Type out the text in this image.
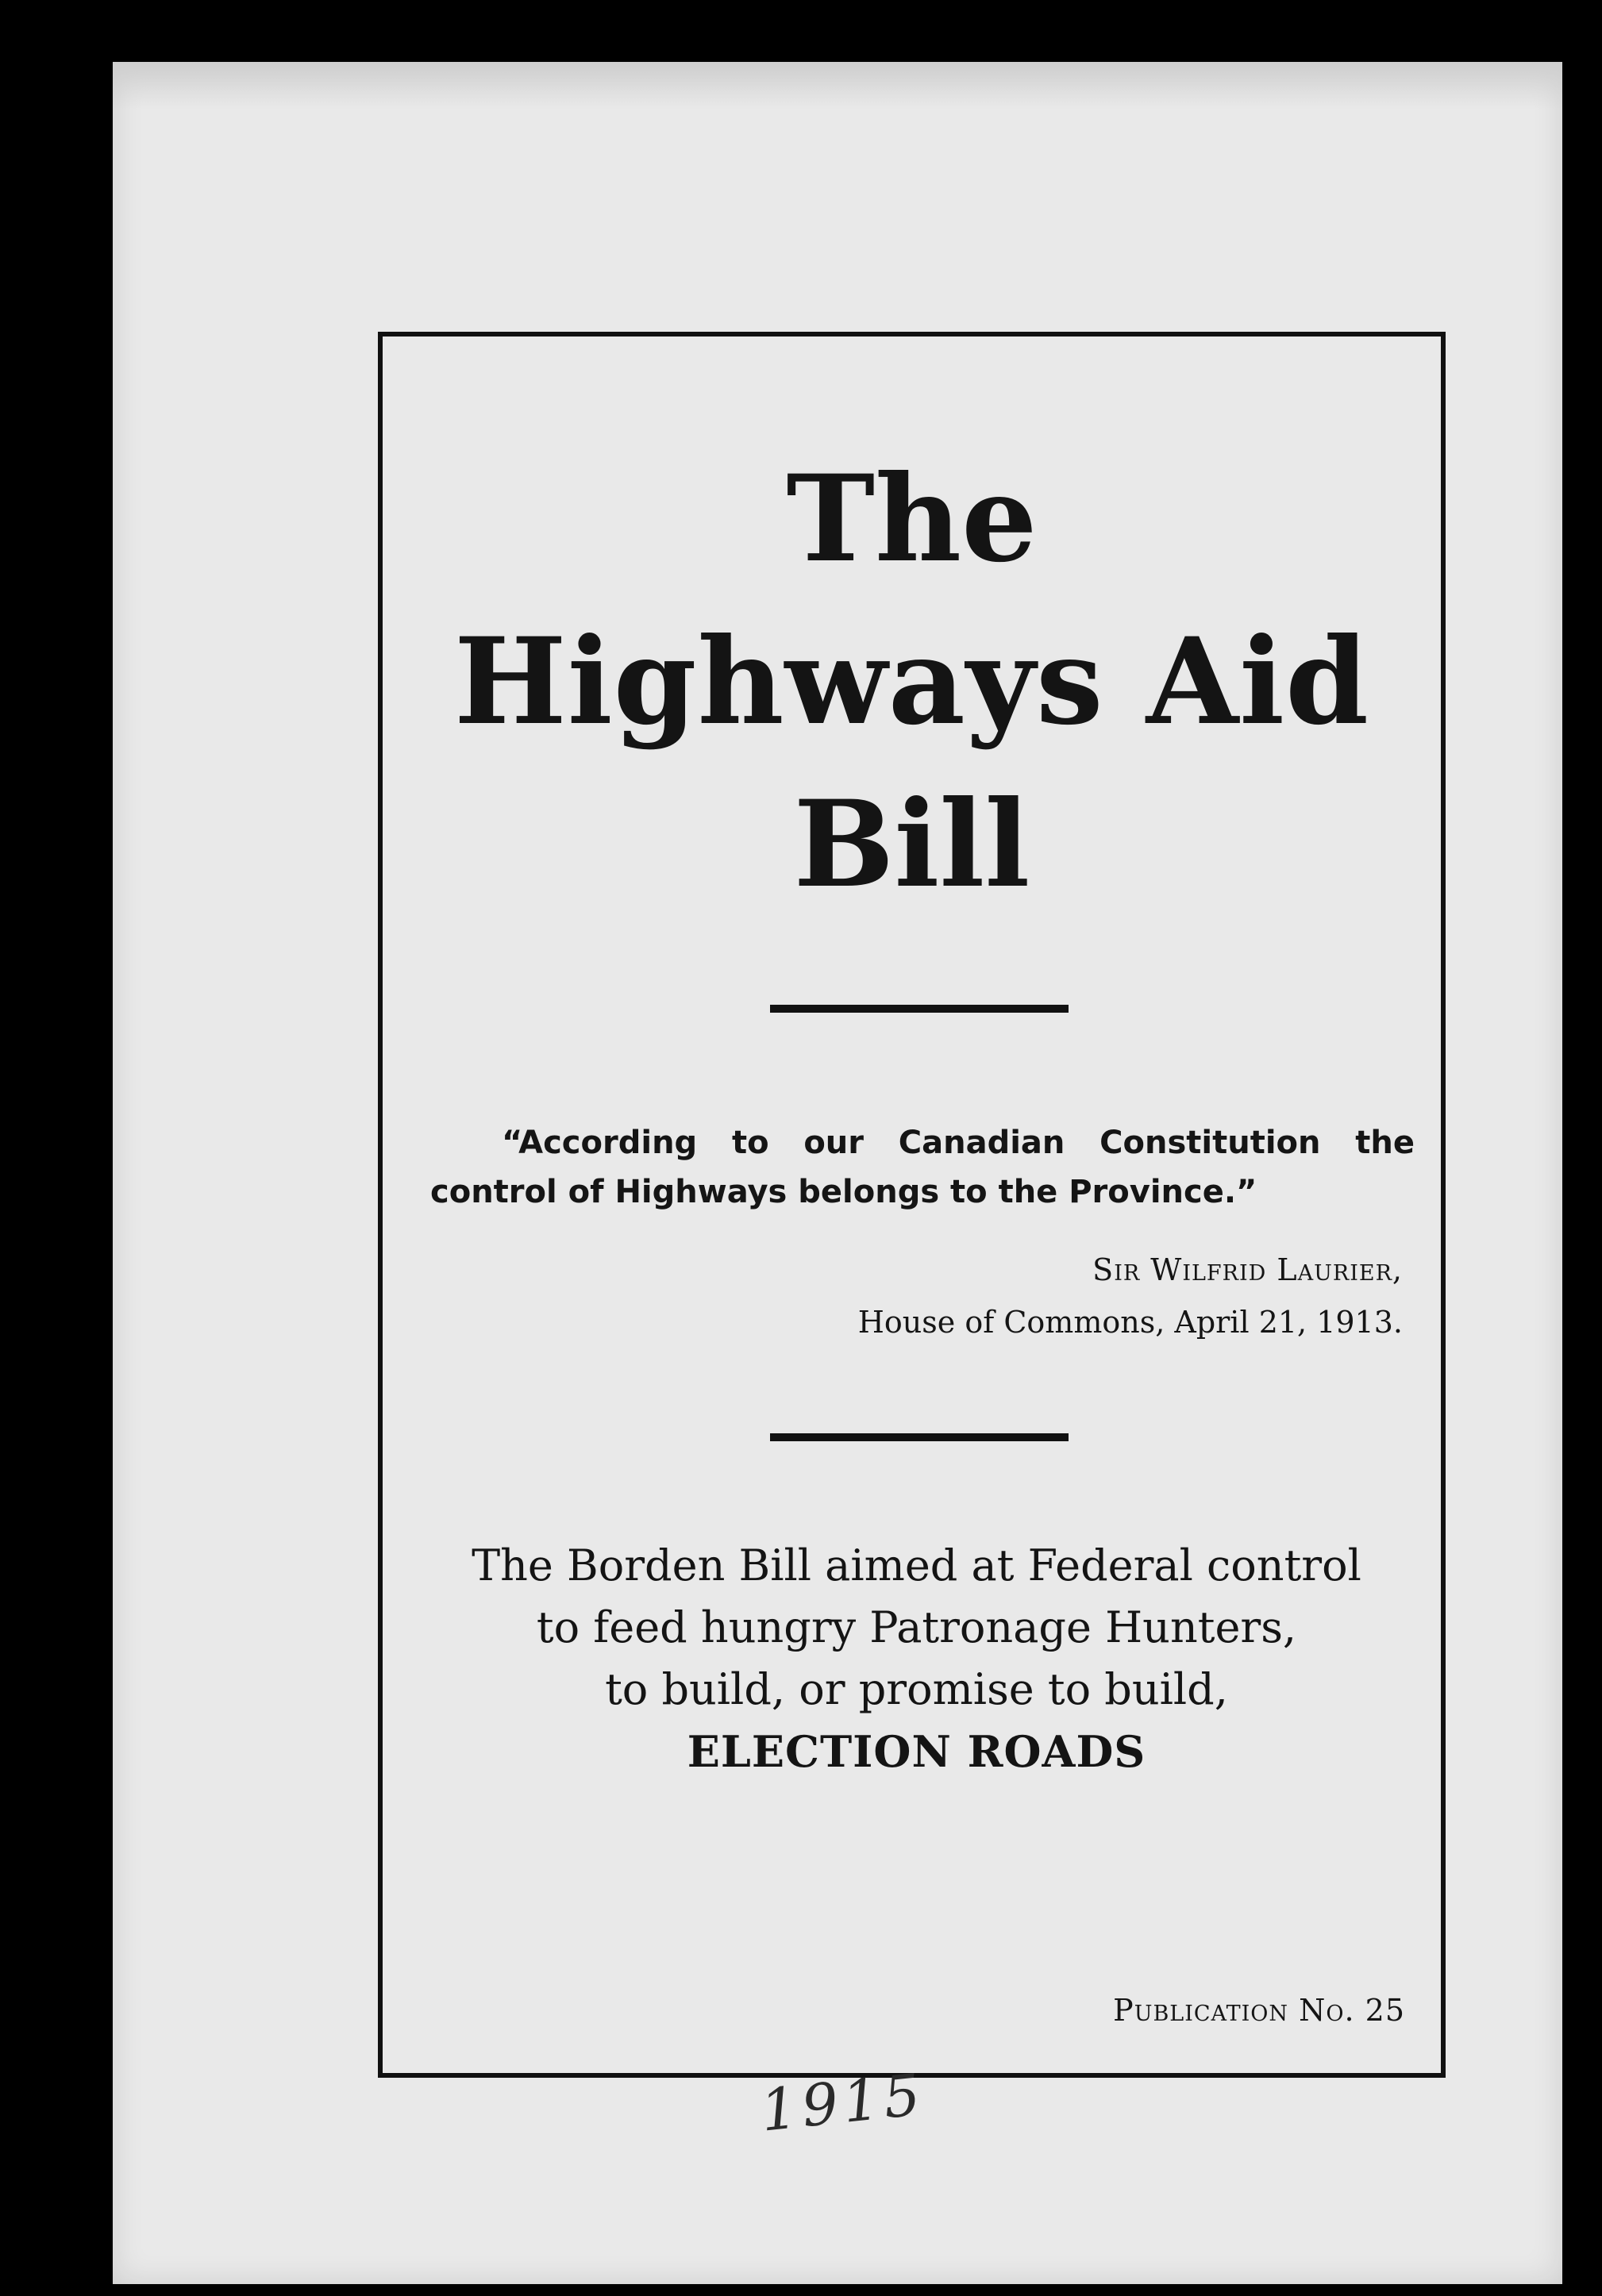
The
Highways Aid
Bill

“According to our Canadian Constitution the control of Highways belongs to the Province.”

Sir Wilfrid Laurier,

House of Commons, April 21, 1913.

The Borden Bill aimed at Federal control
to feed hungry Patronage Hunters,
to build, or promise to build,
ELECTION ROADS

Publication No. 25

1915
